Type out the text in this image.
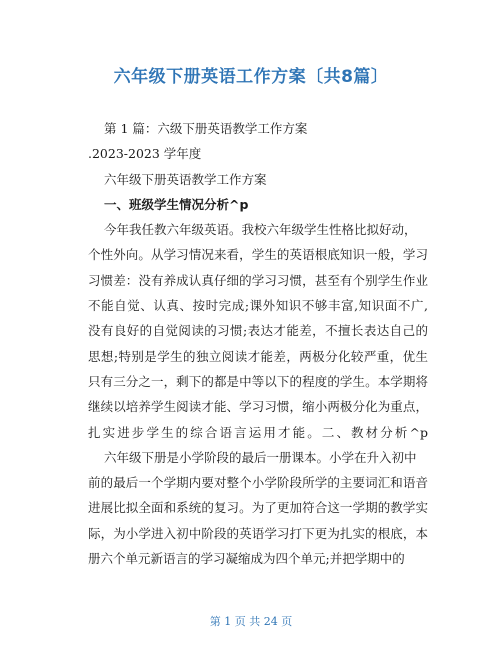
六年级下册英语工作方案〔共8篇〕
第 1 篇：六级下册英语教学工作方案
.2023-2023 学年度
六年级下册英语教学工作方案
一、班级学生情况分析^p
今年我任教六年级英语。我校六年级学生性格比拟好动，
个性外向。从学习情况来看，学生的英语根底知识一般，学习
习惯差：没有养成认真仔细的学习习惯，甚至有个别学生作业
不能自觉、认真、按时完成;课外知识不够丰富,知识面不广,
没有良好的自觉阅读的习惯;表达才能差，不擅长表达自己的
思想;特别是学生的独立阅读才能差，两极分化较严重，优生
只有三分之一，剩下的都是中等以下的程度的学生。本学期将
继续以培养学生阅读才能、学习习惯，缩小两极分化为重点，
扎实进步学生的综合语言运用才能。二、教材分析^p
六年级下册是小学阶段的最后一册课本。小学在升入初中
前的最后一个学期内要对整个小学阶段所学的主要词汇和语音
进展比拟全面和系统的复习。为了更加符合这一学期的教学实
际，为小学进入初中阶段的英语学习打下更为扎实的根底，本
册六个单元新语言的学习凝缩成为四个单元;并把学期中的
第 1 页 共 24 页
